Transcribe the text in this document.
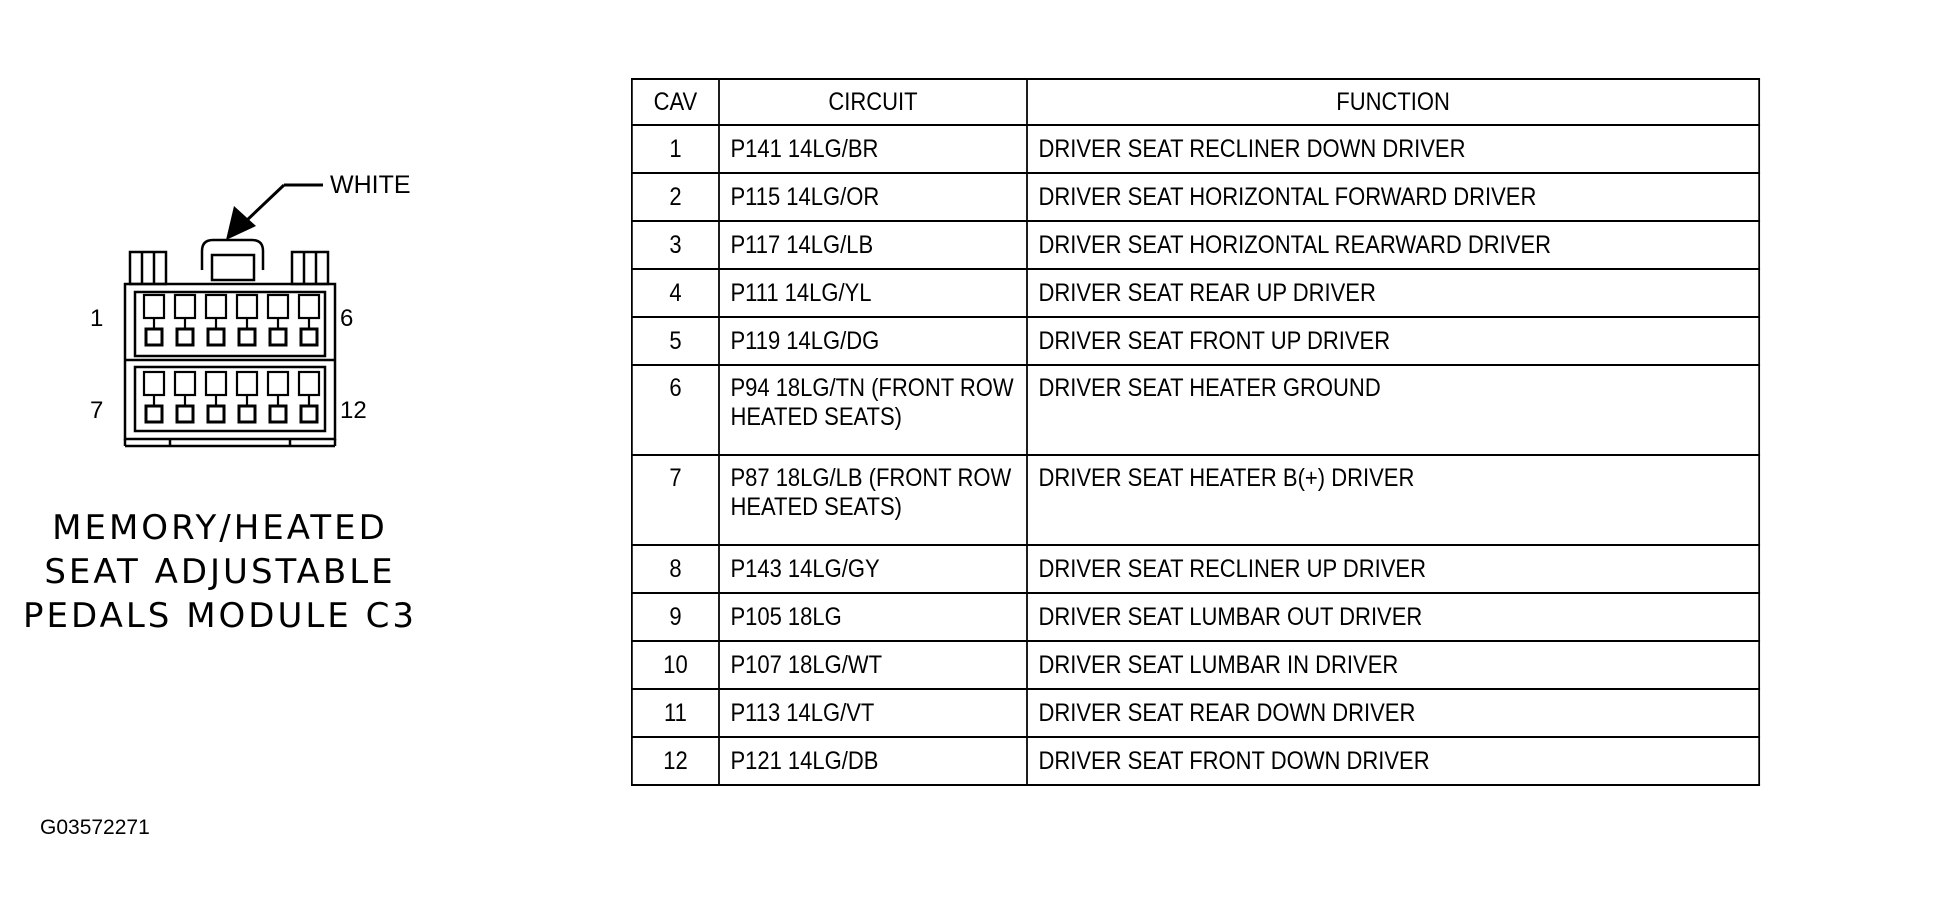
WHITE
1	6
7	12

MEMORY/HEATED
SEAT ADJUSTABLE
PEDALS MODULE C3

G03572271

CAV	CIRCUIT	FUNCTION
1	P141 14LG/BR	DRIVER SEAT RECLINER DOWN DRIVER
2	P115 14LG/OR	DRIVER SEAT HORIZONTAL FORWARD DRIVER
3	P117 14LG/LB	DRIVER SEAT HORIZONTAL REARWARD DRIVER
4	P111 14LG/YL	DRIVER SEAT REAR UP DRIVER
5	P119 14LG/DG	DRIVER SEAT FRONT UP DRIVER
6	P94 18LG/TN (FRONT ROW HEATED SEATS)	DRIVER SEAT HEATER GROUND
7	P87 18LG/LB (FRONT ROW HEATED SEATS)	DRIVER SEAT HEATER B(+) DRIVER
8	P143 14LG/GY	DRIVER SEAT RECLINER UP DRIVER
9	P105 18LG	DRIVER SEAT LUMBAR OUT DRIVER
10	P107 18LG/WT	DRIVER SEAT LUMBAR IN DRIVER
11	P113 14LG/VT	DRIVER SEAT REAR DOWN DRIVER
12	P121 14LG/DB	DRIVER SEAT FRONT DOWN DRIVER
